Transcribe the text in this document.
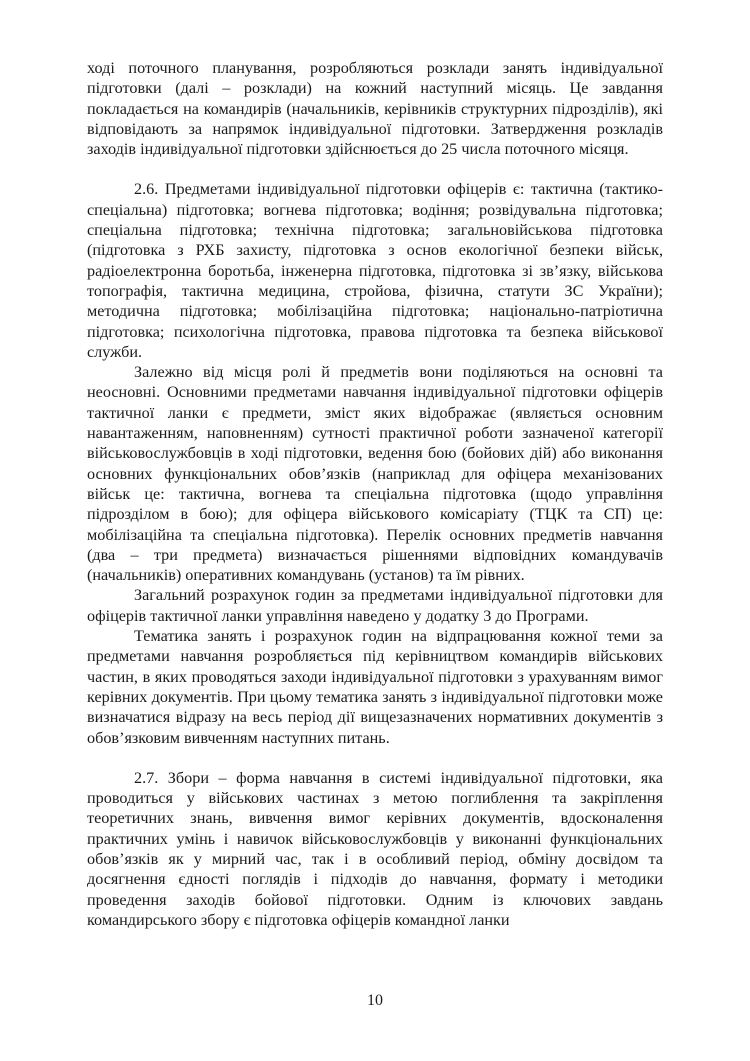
ході поточного планування, розробляються розклади занять індивідуальної підготовки (далі – розклади) на кожний наступний місяць. Це завдання покладається на командирів (начальників, керівників структурних підрозділів), які відповідають за напрямок індивідуальної підготовки. Затвердження розкладів заходів індивідуальної підготовки здійснюється до 25 числа поточного місяця.

2.6. Предметами індивідуальної підготовки офіцерів є: тактична (тактико-спеціальна) підготовка; вогнева підготовка; водіння; розвідувальна підготовка; спеціальна підготовка; технічна підготовка; загальновійськова підготовка (підготовка з РХБ захисту, підготовка з основ екологічної безпеки військ, радіоелектронна боротьба, інженерна підготовка, підготовка зі зв’язку, військова топографія, тактична медицина, стройова, фізична, статути ЗС України); методична підготовка; мобілізаційна підготовка; національно-патріотична підготовка; психологічна підготовка, правова підготовка та безпека військової служби.

Залежно від місця ролі й предметів вони поділяються на основні та неосновні. Основними предметами навчання індивідуальної підготовки офіцерів тактичної ланки є предмети, зміст яких відображає (являється основним навантаженням, наповненням) сутності практичної роботи зазначеної категорії військовослужбовців в ході підготовки, ведення бою (бойових дій) або виконання основних функціональних обов’язків (наприклад для офіцера механізованих військ це: тактична, вогнева та спеціальна підготовка (щодо управління підрозділом в бою); для офіцера військового комісаріату (ТЦК та СП) це: мобілізаційна та спеціальна підготовка). Перелік основних предметів навчання (два – три предмета) визначається рішеннями відповідних командувачів (начальників) оперативних командувань (установ) та їм рівних.

Загальний розрахунок годин за предметами індивідуальної підготовки для офіцерів тактичної ланки управління наведено у додатку 3 до Програми.

Тематика занять і розрахунок годин на відпрацювання кожної теми за предметами навчання розробляється під керівництвом командирів військових частин, в яких проводяться заходи індивідуальної підготовки з урахуванням вимог керівних документів. При цьому тематика занять з індивідуальної підготовки може визначатися відразу на весь період дії вищезазначених нормативних документів з обов’язковим вивченням наступних питань.

2.7. Збори – форма навчання в системі індивідуальної підготовки, яка проводиться у військових частинах з метою поглиблення та закріплення теоретичних знань, вивчення вимог керівних документів, вдосконалення практичних умінь і навичок військовослужбовців у виконанні функціональних обов’язків як у мирний час, так і в особливий період, обміну досвідом та досягнення єдності поглядів і підходів до навчання, формату і методики проведення заходів бойової підготовки. Одним із ключових завдань командирського збору є підготовка офіцерів командної ланки

10
